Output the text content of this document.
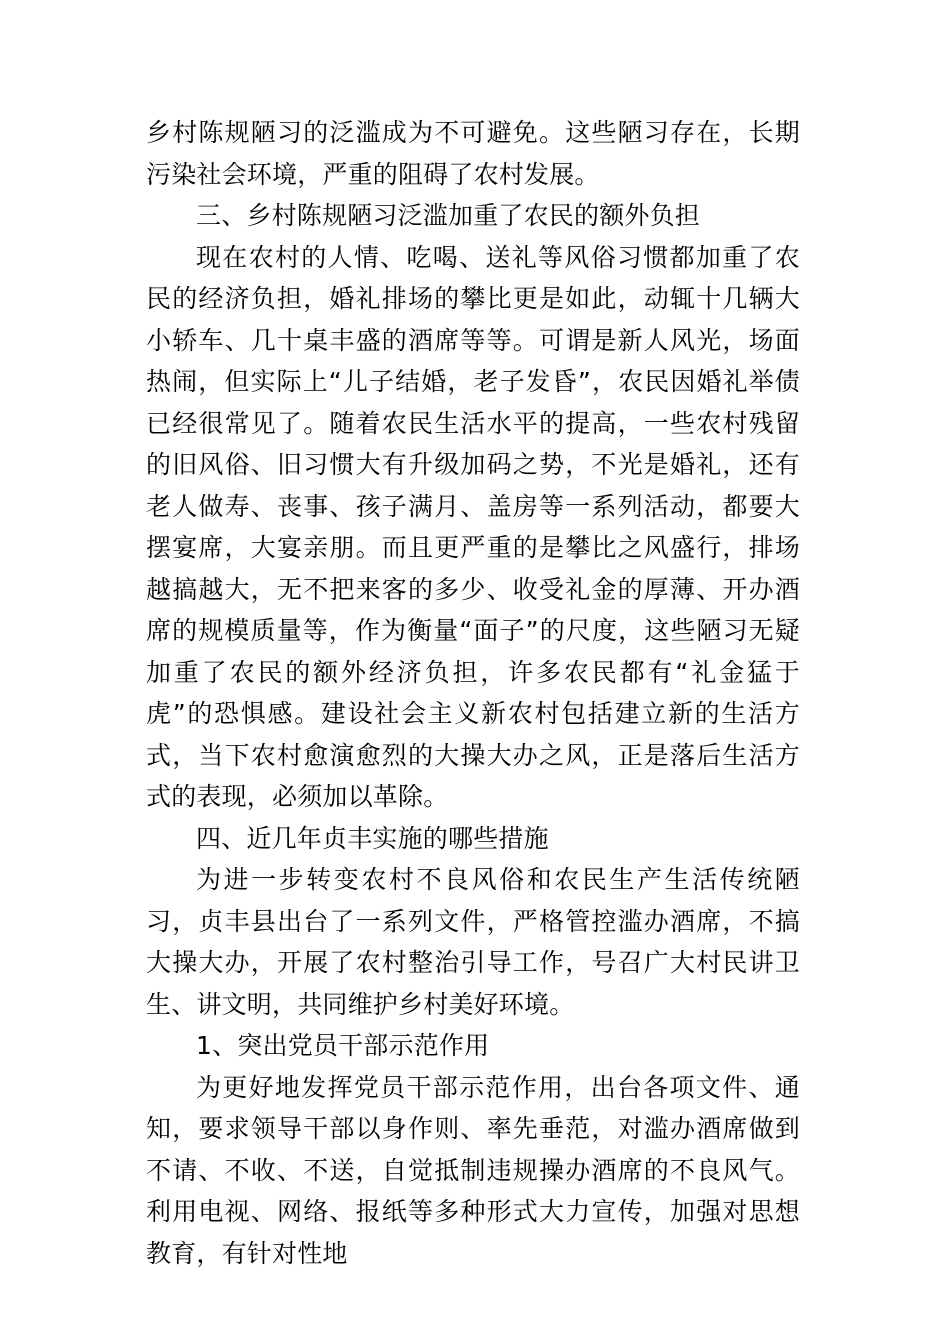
乡村陈规陋习的泛滥成为不可避免。这些陋习存在，长期污染社会环境，严重的阻碍了农村发展。

三、乡村陈规陋习泛滥加重了农民的额外负担

现在农村的人情、吃喝、送礼等风俗习惯都加重了农民的经济负担，婚礼排场的攀比更是如此，动辄十几辆大小轿车、几十桌丰盛的酒席等等。可谓是新人风光，场面热闹，但实际上“儿子结婚，老子发昏”，农民因婚礼举债已经很常见了。随着农民生活水平的提高，一些农村残留的旧风俗、旧习惯大有升级加码之势，不光是婚礼，还有老人做寿、丧事、孩子满月、盖房等一系列活动，都要大摆宴席，大宴亲朋。而且更严重的是攀比之风盛行，排场越搞越大，无不把来客的多少、收受礼金的厚薄、开办酒席的规模质量等，作为衡量“面子”的尺度，这些陋习无疑加重了农民的额外经济负担，许多农民都有“礼金猛于虎”的恐惧感。建设社会主义新农村包括建立新的生活方式，当下农村愈演愈烈的大操大办之风，正是落后生活方式的表现，必须加以革除。

四、近几年贞丰实施的哪些措施

为进一步转变农村不良风俗和农民生产生活传统陋习，贞丰县出台了一系列文件，严格管控滥办酒席，不搞大操大办，开展了农村整治引导工作，号召广大村民讲卫生、讲文明，共同维护乡村美好环境。

1、突出党员干部示范作用

为更好地发挥党员干部示范作用，出台各项文件、通知，要求领导干部以身作则、率先垂范，对滥办酒席做到不请、不收、不送，自觉抵制违规操办酒席的不良风气。利用电视、网络、报纸等多种形式大力宣传，加强对思想教育，有针对性地
